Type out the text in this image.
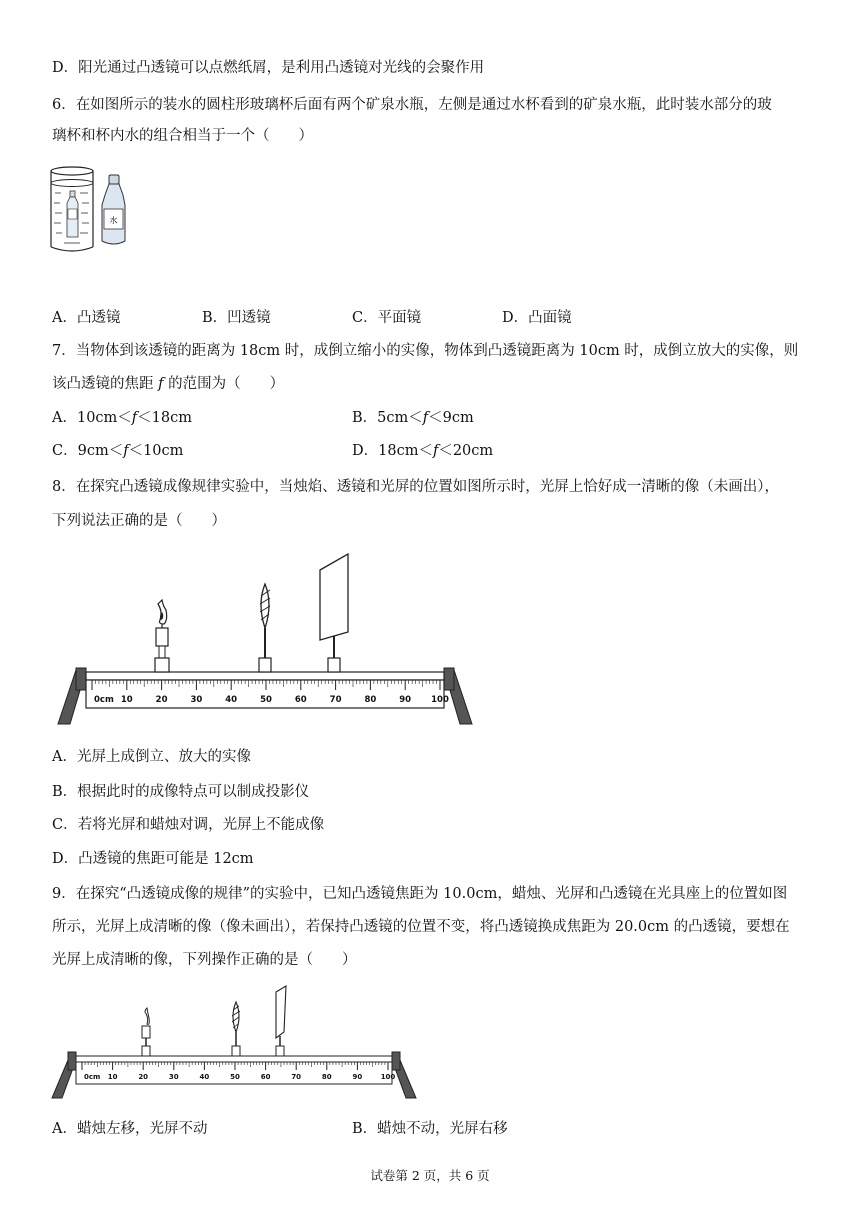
D．阳光通过凸透镜可以点燃纸屑，是利用凸透镜对光线的会聚作用
6．在如图所示的装水的圆柱形玻璃杯后面有两个矿泉水瓶，左侧是通过水杯看到的矿泉水瓶，此时装水部分的玻
璃杯和杯内水的组合相当于一个（　　）
水
A．凸透镜	B．凹透镜	C．平面镜	D．凸面镜
7．当物体到该透镜的距离为 18cm 时，成倒立缩小的实像，物体到凸透镜距离为 10cm 时，成倒立放大的实像，则
该凸透镜的焦距 f 的范围为（　　）
A．10cm＜f＜18cm	B．5cm＜f＜9cm
C．9cm＜f＜10cm	D．18cm＜f＜20cm
8．在探究凸透镜成像规律实验中，当烛焰、透镜和光屏的位置如图所示时，光屏上恰好成一清晰的像（未画出），
下列说法正确的是（　　）
0cm 10	20	30	40	50	60	70	80	90 100
A．光屏上成倒立、放大的实像
B．根据此时的成像特点可以制成投影仪
C．若将光屏和蜡烛对调，光屏上不能成像
D．凸透镜的焦距可能是 12cm
9．在探究“凸透镜成像的规律”的实验中，已知凸透镜焦距为 10.0cm，蜡烛、光屏和凸透镜在光具座上的位置如图
所示，光屏上成清晰的像（像未画出），若保持凸透镜的位置不变，将凸透镜换成焦距为 20.0cm 的凸透镜，要想在
光屏上成清晰的像，下列操作正确的是（　　）
0cm 10	20	30	40	50	60	70	80	90	100
A．蜡烛左移，光屏不动	B．蜡烛不动，光屏右移
试卷第 2 页，共 6 页
